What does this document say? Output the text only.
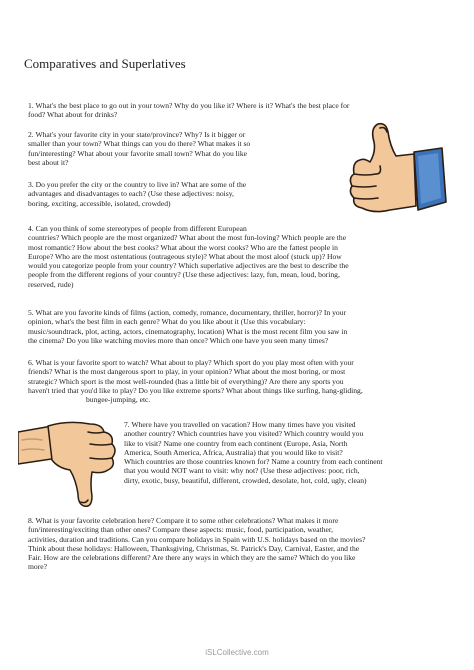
Comparatives and Superlatives
1. What's the best place to go out in your town? Why do you like it? Where is it? What's the best place for
food? What about for drinks?
2. What's your favorite city in your state/province? Why? Is it bigger or
smaller than your town? What things can you do there? What makes it so
fun/interesting? What about your favorite small town? What do you like
best about it?
3. Do you prefer the city or the country to live in? What are some of the
advantages and disadvantages to each? (Use these adjectives: noisy,
boring, exciting, accessible, isolated, crowded)
4. Can you think of some stereotypes of people from different European
countries? Which people are the most organized? What about the most fun-loving? Which people are the
most romantic? How about the best cooks? What about the worst cooks? Who are the fattest people in
Europe? Who are the most ostentatious (outrageous style)? What about the most aloof (stuck up)? How
would you categorize people from your country? Which superlative adjectives are the best to describe the
people from the different regions of your country? (Use these adjectives: lazy, fun, mean, loud, boring,
reserved, rude)
5. What are you favorite kinds of films (action, comedy, romance, documentary, thriller, horror)? In your
opinion, what's the best film in each genre? What do you like about it (Use this vocabulary:
music/soundtrack, plot, acting, actors, cinematography, location) What is the most recent film you saw in
the cinema? Do you like watching movies more than once? Which one have you seen many times?
6. What is your favorite sport to watch? What about to play? Which sport do you play most often with your
friends? What is the most dangerous sport to play, in your opinion? What about the most boring, or most
strategic? Which sport is the most well-rounded (has a little bit of everything)? Are there any sports you
haven't tried that you'd like to play? Do you like extreme sports? What about things like surfing, hang-gliding,
bungee-jumping, etc.
7. Where have you travelled on vacation? How many times have you visited
another country? Which countries have you visited? Which country would you
like to visit? Name one country from each continent (Europe, Asia, North
America, South America, Africa, Australia) that you would like to visit?
Which countries are those countries known for? Name a country from each continent
that you would NOT want to visit: why not? (Use these adjectives: poor, rich,
dirty, exotic, busy, beautiful, different, crowded, desolate, hot, cold, ugly, clean)
8. What is your favorite celebration here? Compare it to some other celebrations? What makes it more
fun/interesting/exciting than other ones? Compare these aspects: music, food, participation, weather,
activities, duration and traditions. Can you compare holidays in Spain with U.S. holidays based on the movies?
Think about these holidays: Halloween, Thanksgiving, Christmas, St. Patrick's Day, Carnival, Easter, and the
Fair. How are the celebrations different? Are there any ways in which they are the same? Which do you like
more?
iSLCollective.com
